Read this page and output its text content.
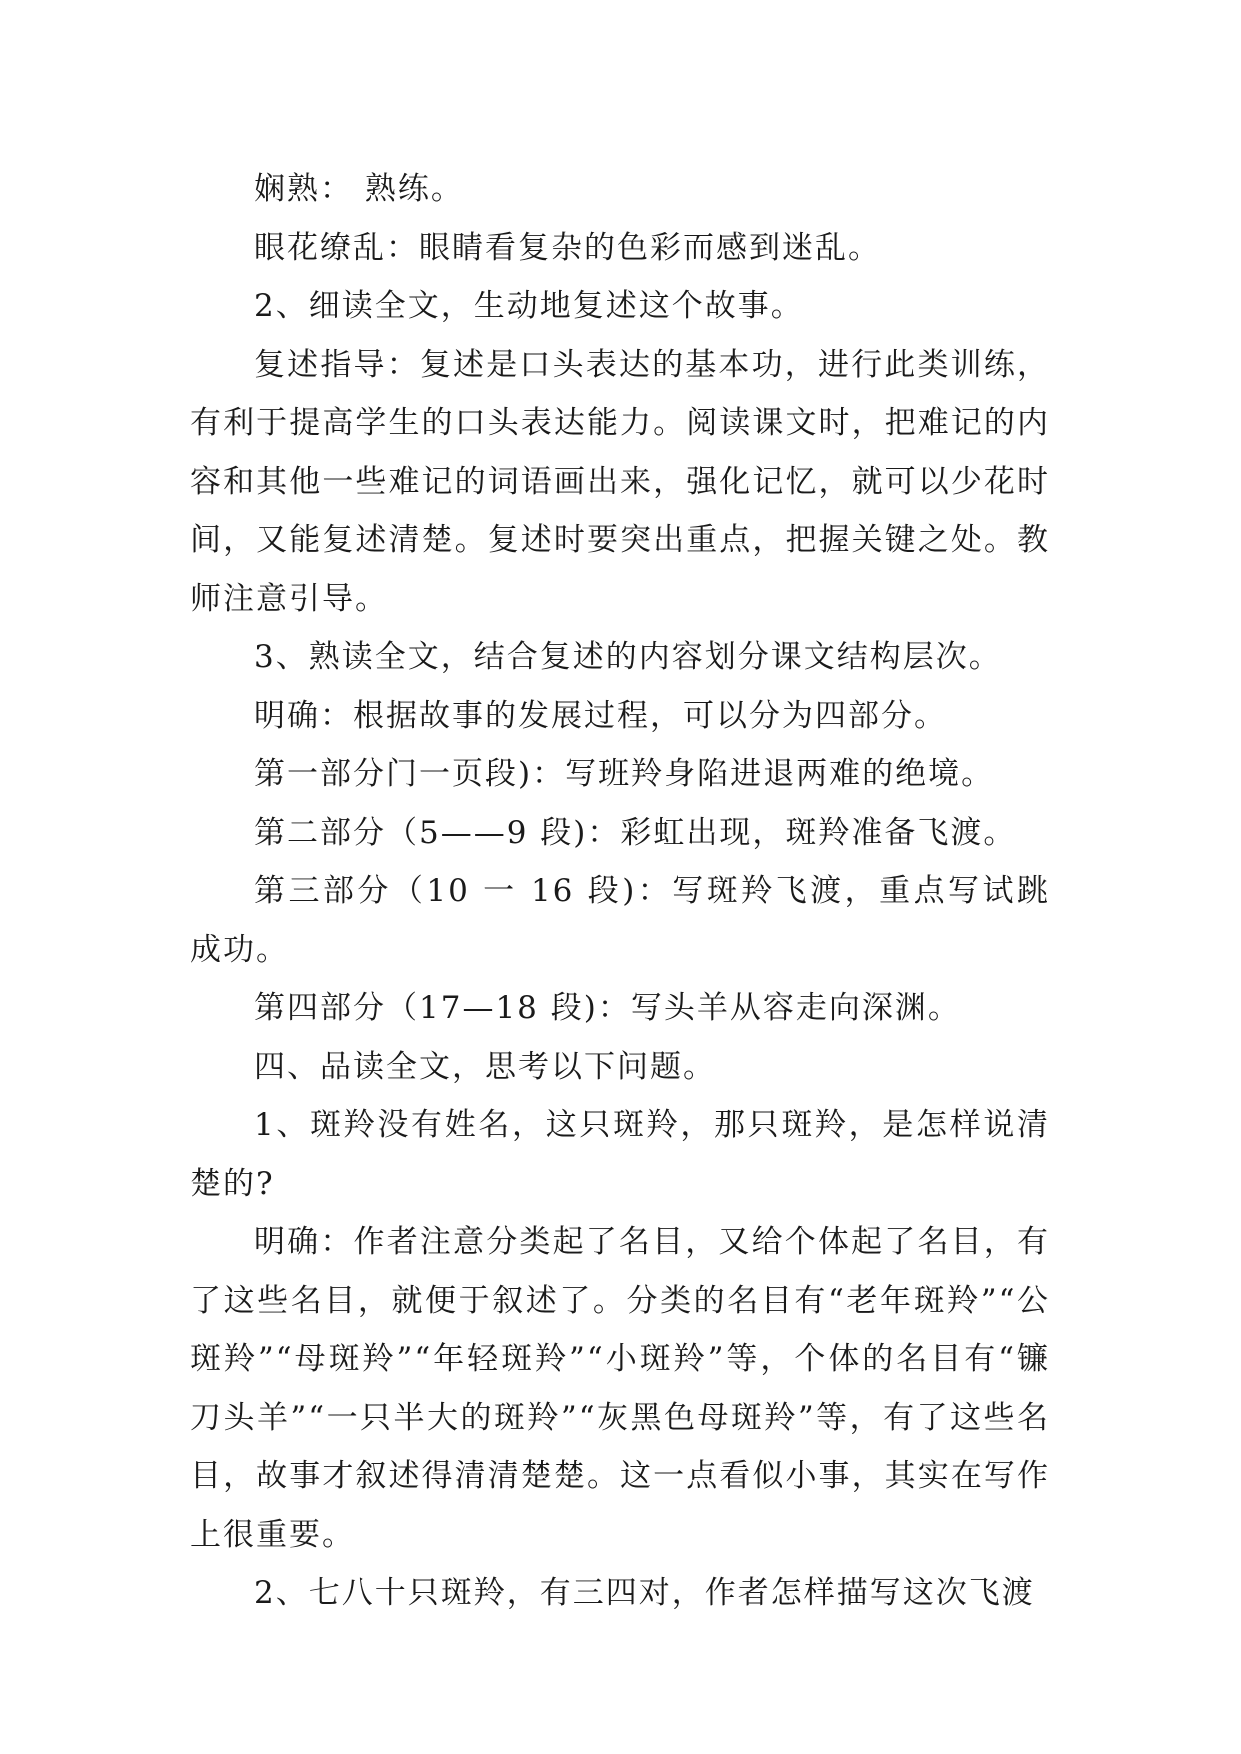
娴熟： 熟练。

眼花缭乱：眼睛看复杂的色彩而感到迷乱。

2、细读全文，生动地复述这个故事。

复述指导：复述是口头表达的基本功，进行此类训练，有利于提高学生的口头表达能力。阅读课文时，把难记的内容和其他一些难记的词语画出来，强化记忆，就可以少花时间，又能复述清楚。复述时要突出重点，把握关键之处。教师注意引导。

3、熟读全文，结合复述的内容划分课文结构层次。

明确：根据故事的发展过程，可以分为四部分。

第一部分门一页段)：写班羚身陷进退两难的绝境。

第二部分（5——9 段)：彩虹出现，斑羚准备飞渡。

第三部分（10 一 16 段)：写斑羚飞渡，重点写试跳成功。

第四部分（17—18 段)：写头羊从容走向深渊。

四、品读全文，思考以下问题。

1、斑羚没有姓名，这只斑羚，那只斑羚，是怎样说清楚的?

明确：作者注意分类起了名目，又给个体起了名目，有了这些名目，就便于叙述了。分类的名目有“老年斑羚”“公斑羚”“母斑羚”“年轻斑羚”“小斑羚”等，个体的名目有“镰刀头羊”“一只半大的斑羚”“灰黑色母斑羚”等，有了这些名目，故事才叙述得清清楚楚。这一点看似小事，其实在写作上很重要。

2、七八十只斑羚，有三四对，作者怎样描写这次飞渡
